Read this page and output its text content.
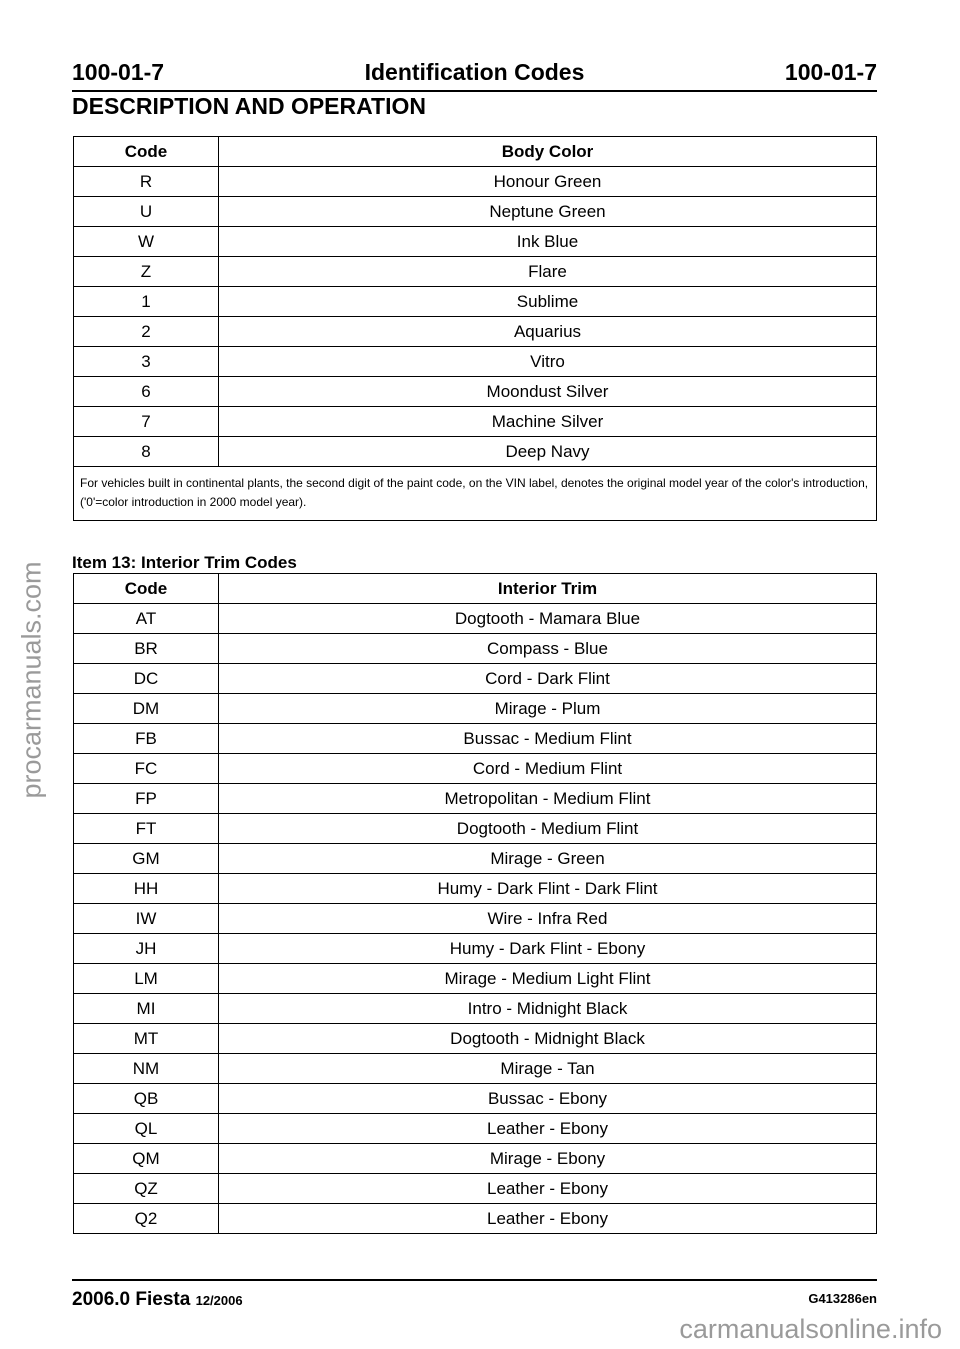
100-01-7	Identification Codes	100-01-7
DESCRIPTION AND OPERATION
Code	Body Color
R	Honour Green
U	Neptune Green
W	Ink Blue
Z	Flare
1	Sublime
2	Aquarius
3	Vitro
6	Moondust Silver
7	Machine Silver
8	Deep Navy
For vehicles built in continental plants, the second digit of the paint code, on the VIN label, denotes the original model year of the color's introduction, ('0'=color introduction in 2000 model year).	
Item 13: Interior Trim Codes
Code	Interior Trim
AT	Dogtooth - Mamara Blue
BR	Compass - Blue
DC	Cord - Dark Flint
DM	Mirage - Plum
FB	Bussac - Medium Flint
FC	Cord - Medium Flint
FP	Metropolitan - Medium Flint
FT	Dogtooth - Medium Flint
GM	Mirage - Green
HH	Humy - Dark Flint - Dark Flint
IW	Wire - Infra Red
JH	Humy - Dark Flint - Ebony
LM	Mirage - Medium Light Flint
MI	Intro - Midnight Black
MT	Dogtooth - Midnight Black
NM	Mirage - Tan
QB	Bussac - Ebony
QL	Leather - Ebony
QM	Mirage - Ebony
QZ	Leather - Ebony
Q2	Leather - Ebony
2006.0 Fiesta 12/2006	G413286en
procarmanuals.com
carmanualsonline.info
